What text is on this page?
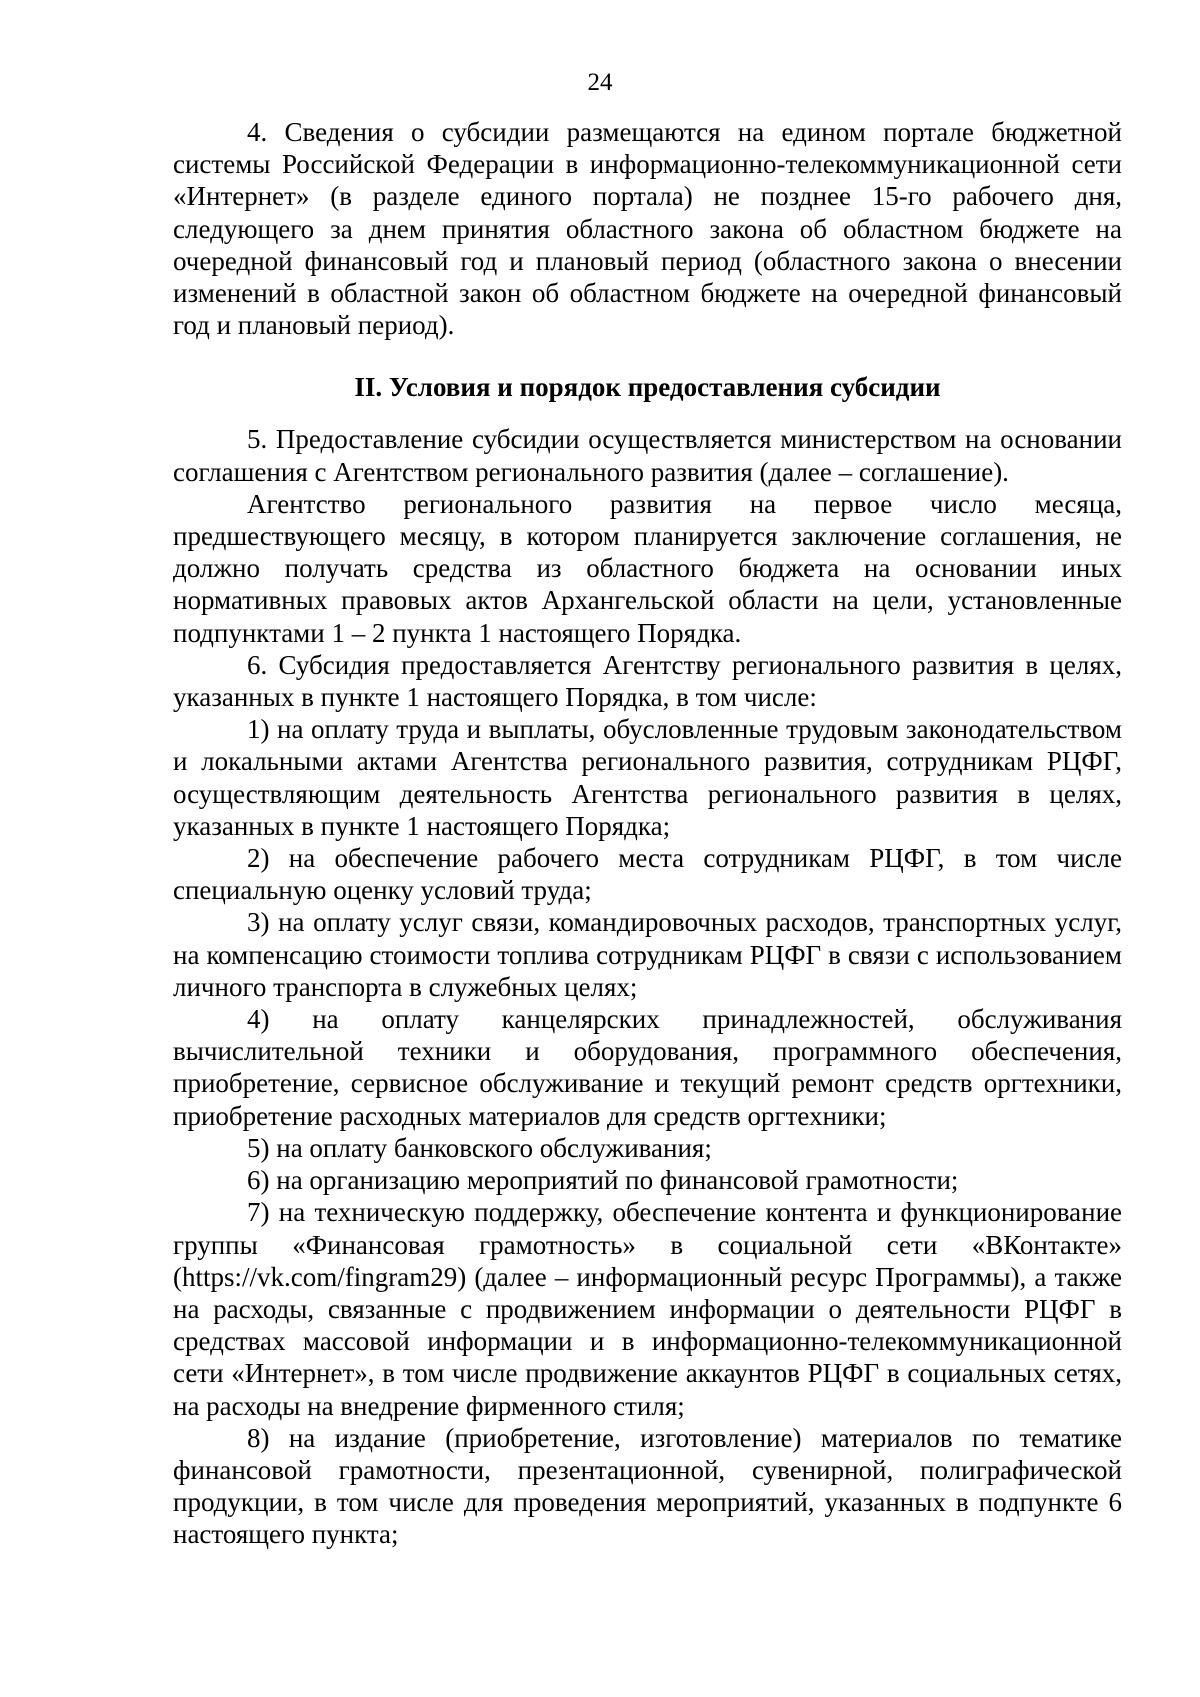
24

4. Сведения о субсидии размещаются на едином портале бюджетной системы Российской Федерации в информационно-телекоммуникационной сети «Интернет» (в разделе единого портала) не позднее 15-го рабочего дня, следующего за днем принятия областного закона об областном бюджете на очередной финансовый год и плановый период (областного закона о внесении изменений в областной закон об областном бюджете на очередной финансовый год и плановый период).

II. Условия и порядок предоставления субсидии

5. Предоставление субсидии осуществляется министерством на основании соглашения с Агентством регионального развития (далее – соглашение).

Агентство регионального развития на первое число месяца, предшествующего месяцу, в котором планируется заключение соглашения, не должно получать средства из областного бюджета на основании иных нормативных правовых актов Архангельской области на цели, установленные подпунктами 1 – 2 пункта 1 настоящего Порядка.

6. Субсидия предоставляется Агентству регионального развития в целях, указанных в пункте 1 настоящего Порядка, в том числе:

1) на оплату труда и выплаты, обусловленные трудовым законодательством и локальными актами Агентства регионального развития, сотрудникам РЦФГ, осуществляющим деятельность Агентства регионального развития в целях, указанных в пункте 1 настоящего Порядка;

2) на обеспечение рабочего места сотрудникам РЦФГ, в том числе специальную оценку условий труда;

3) на оплату услуг связи, командировочных расходов, транспортных услуг, на компенсацию стоимости топлива сотрудникам РЦФГ в связи с использованием личного транспорта в служебных целях;

4) на оплату канцелярских принадлежностей, обслуживания вычислительной техники и оборудования, программного обеспечения, приобретение, сервисное обслуживание и текущий ремонт средств оргтехники, приобретение расходных материалов для средств оргтехники;

5) на оплату банковского обслуживания;

6) на организацию мероприятий по финансовой грамотности;

7) на техническую поддержку, обеспечение контента и функционирование группы «Финансовая грамотность» в социальной сети «ВКонтакте» (https://vk.com/fingram29) (далее – информационный ресурс Программы), а также на расходы, связанные с продвижением информации о деятельности РЦФГ в средствах массовой информации и в информационно-телекоммуникационной сети «Интернет», в том числе продвижение аккаунтов РЦФГ в социальных сетях, на расходы на внедрение фирменного стиля;

8) на издание (приобретение, изготовление) материалов по тематике финансовой грамотности, презентационной, сувенирной, полиграфической продукции, в том числе для проведения мероприятий, указанных в подпункте 6 настоящего пункта;
